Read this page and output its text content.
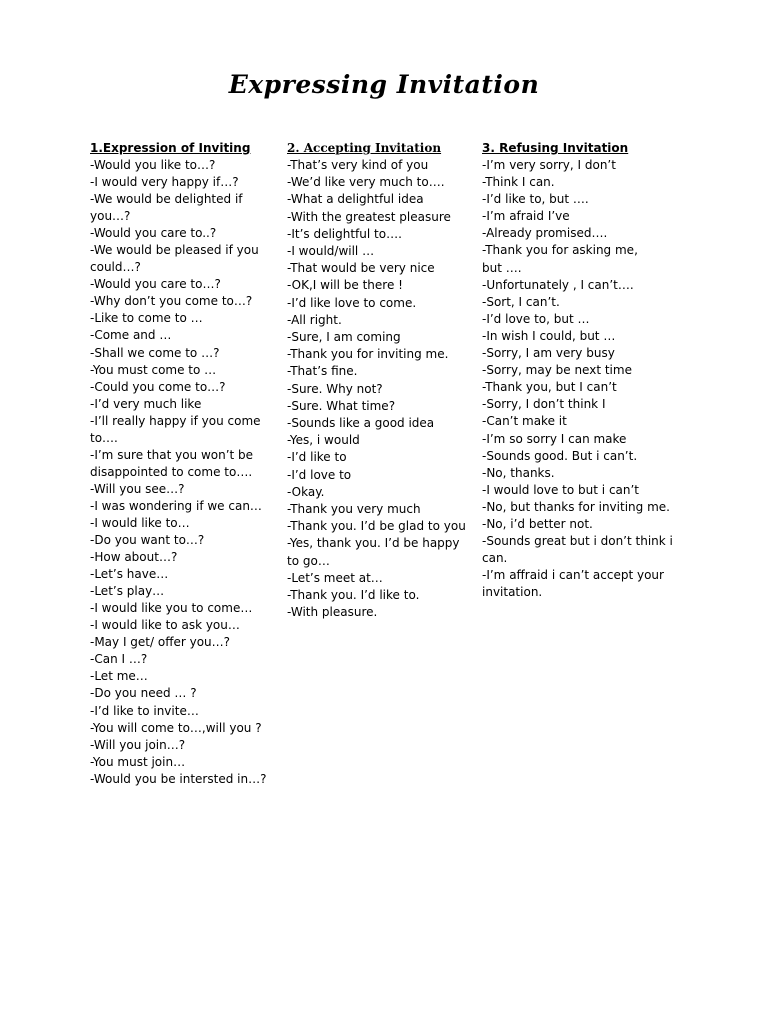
Expressing Invitation
1.Expression of Inviting
-Would you like to…?
-I would very happy if…?
-We would be delighted if
you…?
-Would you care to..?
-We would be pleased if you
could…?
-Would you care to…?
-Why don’t you come to…?
-Like to come to …
-Come and …
-Shall we come to …?
-You must come to …
-Could you come to…?
-I’d very much like
-I’ll really happy if you come
to….
-I’m sure that you won’t be
disappointed to come to….
-Will you see…?
-I was wondering if we can…
-I would like to…
-Do you want to…?
-How about…?
-Let’s have…
-Let’s play…
-I would like you to come…
-I would like to ask you…
-May I get/ offer you…?
-Can I …?
-Let me…
-Do you need … ?
-I’d like to invite…
-You will come to…,will you ?
-Will you join…?
-You must join…
-Would you be intersted in…?
2. Accepting Invitation
-That’s very kind of you
-We’d like very much to….
-What a delightful idea
-With the greatest pleasure
-It’s delightful to….
-I would/will …
-That would be very nice
-OK,I will be there !
-I’d like love to come.
-All right.
-Sure, I am coming
-Thank you for inviting me.
-That’s fine.
-Sure. Why not?
-Sure. What time?
-Sounds like a good idea
-Yes, i would
-I’d like to
-I’d love to
-Okay.
-Thank you very much
-Thank you. I’d be glad to you
-Yes, thank you. I’d be happy
to go…
-Let’s meet at…
-Thank you. I’d like to.
-With pleasure.
3. Refusing Invitation
-I’m very sorry, I don’t
-Think I can.
-I’d like to, but ….
-I’m afraid I’ve
-Already promised….
-Thank you for asking me,
but ….
-Unfortunately , I can’t….
-Sort, I can’t.
-I’d love to, but …
-In wish I could, but …
-Sorry, I am very busy
-Sorry, may be next time
-Thank you, but I can’t
-Sorry, I don’t think I
-Can’t make it
-I’m so sorry I can make
-Sounds good. But i can’t.
-No, thanks.
-I would love to but i can’t
-No, but thanks for inviting me.
-No, i’d better not.
-Sounds great but i don’t think i
can.
-I’m affraid i can’t accept your
invitation.
